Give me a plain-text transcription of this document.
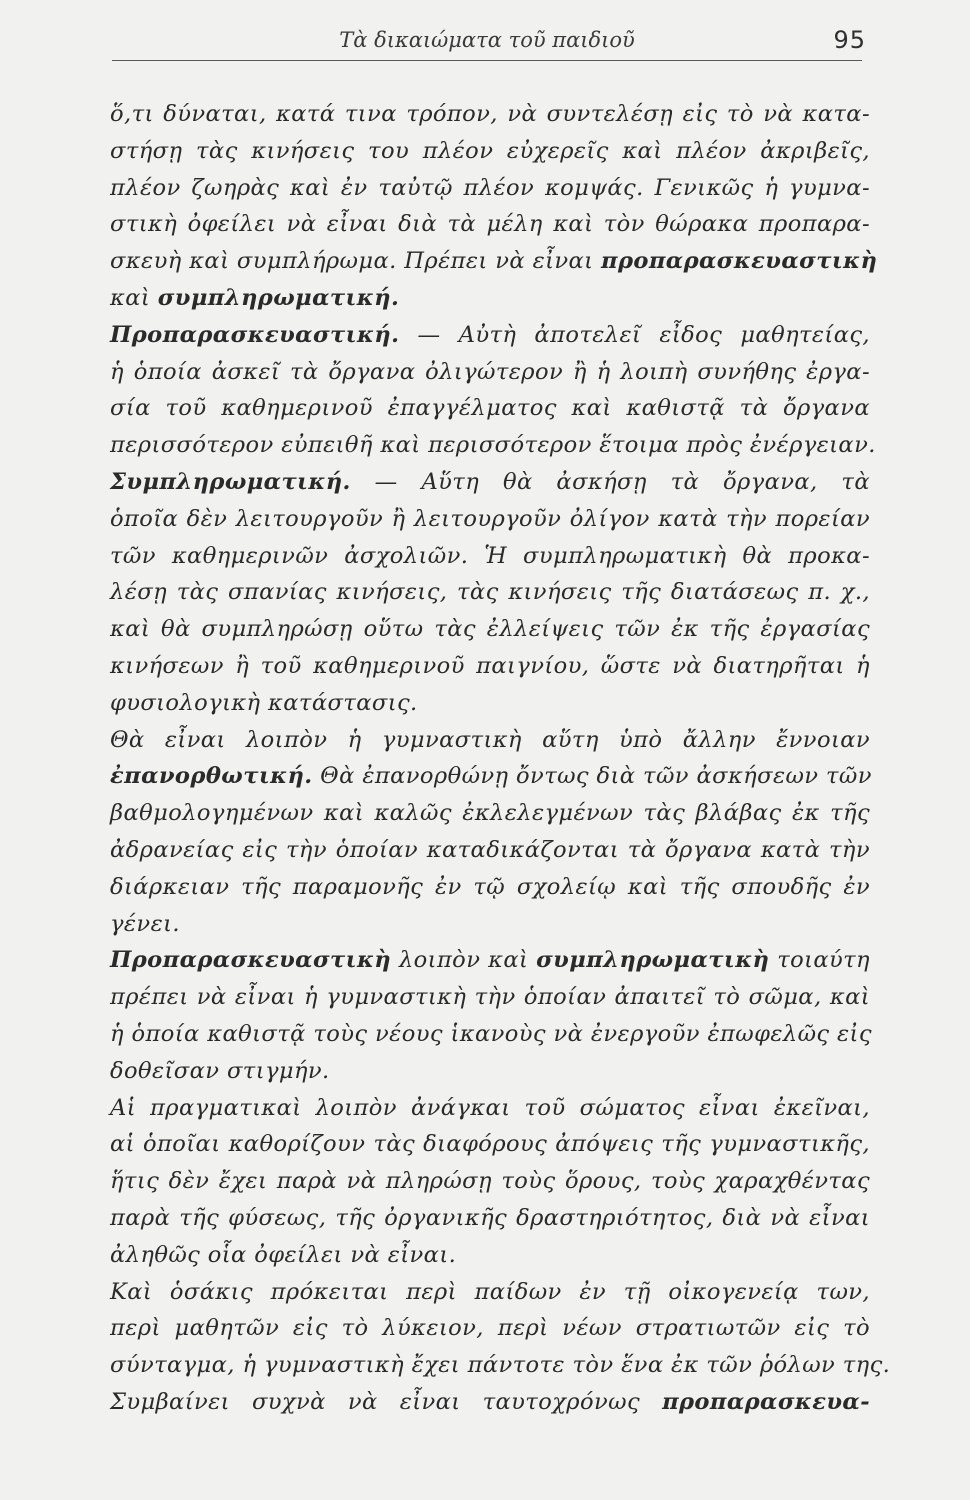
Τὰ δικαιώματα τοῦ παιδιοῦ	95
ὅ,τι δύναται, κατά τινα τρόπον, νὰ συντελέσῃ εἰς τὸ νὰ κατα-
στήσῃ τὰς κινήσεις του πλέον εὐχερεῖς καὶ πλέον ἀκριβεῖς,
πλέον ζωηρὰς καὶ ἐν ταὐτῷ πλέον κομψάς. Γενικῶς ἡ γυμνα-
στικὴ ὀφείλει νὰ εἶναι διὰ τὰ μέλη καὶ τὸν θώρακα προπαρα-
σκευὴ καὶ συμπλήρωμα. Πρέπει νὰ εἶναι προπαρασκευαστικὴ
καὶ συμπληρωματική.
Προπαρασκευαστική. — Αὐτὴ ἀποτελεῖ εἶδος μαθητείας,
ἡ ὁποία ἀσκεῖ τὰ ὄργανα ὀλιγώτερον ἢ ἡ λοιπὴ συνήθης ἐργα-
σία τοῦ καθημερινοῦ ἐπαγγέλματος καὶ καθιστᾷ τὰ ὄργανα
περισσότερον εὐπειθῆ καὶ περισσότερον ἕτοιμα πρὸς ἐνέργειαν.
Συμπληρωματική. — Αὕτη θὰ ἀσκήσῃ τὰ ὄργανα, τὰ
ὁποῖα δὲν λειτουργοῦν ἢ λειτουργοῦν ὀλίγον κατὰ τὴν πορείαν
τῶν καθημερινῶν ἀσχολιῶν. Ἡ συμπληρωματικὴ θὰ προκα-
λέσῃ τὰς σπανίας κινήσεις, τὰς κινήσεις τῆς διατάσεως π. χ.,
καὶ θὰ συμπληρώσῃ οὕτω τὰς ἐλλείψεις τῶν ἐκ τῆς ἐργασίας
κινήσεων ἢ τοῦ καθημερινοῦ παιγνίου, ὥστε νὰ διατηρῆται ἡ
φυσιολογικὴ κατάστασις.
Θὰ εἶναι λοιπὸν ἡ γυμναστικὴ αὕτη ὑπὸ ἄλλην ἔννοιαν
ἐπανορθωτική. Θὰ ἐπανορθώνῃ ὄντως διὰ τῶν ἀσκήσεων τῶν
βαθμολογημένων καὶ καλῶς ἐκλελεγμένων τὰς βλάβας ἐκ τῆς
ἀδρανείας εἰς τὴν ὁποίαν καταδικάζονται τὰ ὄργανα κατὰ τὴν
διάρκειαν τῆς παραμονῆς ἐν τῷ σχολείῳ καὶ τῆς σπουδῆς ἐν
γένει.
Προπαρασκευαστικὴ λοιπὸν καὶ συμπληρωματικὴ τοιαύτη
πρέπει νὰ εἶναι ἡ γυμναστικὴ τὴν ὁποίαν ἀπαιτεῖ τὸ σῶμα, καὶ
ἡ ὁποία καθιστᾷ τοὺς νέους ἱκανοὺς νὰ ἐνεργοῦν ἐπωφελῶς εἰς
δοθεῖσαν στιγμήν.
Αἱ πραγματικαὶ λοιπὸν ἀνάγκαι τοῦ σώματος εἶναι ἐκεῖναι,
αἱ ὁποῖαι καθορίζουν τὰς διαφόρους ἀπόψεις τῆς γυμναστικῆς,
ἥτις δὲν ἔχει παρὰ νὰ πληρώσῃ τοὺς ὅρους, τοὺς χαραχθέντας
παρὰ τῆς φύσεως, τῆς ὀργανικῆς δραστηριότητος, διὰ νὰ εἶναι
ἀληθῶς οἷα ὀφείλει νὰ εἶναι.
Καὶ ὁσάκις πρόκειται περὶ παίδων ἐν τῇ οἰκογενείᾳ των,
περὶ μαθητῶν εἰς τὸ λύκειον, περὶ νέων στρατιωτῶν εἰς τὸ
σύνταγμα, ἡ γυμναστικὴ ἔχει πάντοτε τὸν ἕνα ἐκ τῶν ῥόλων της.
Συμβαίνει συχνὰ νὰ εἶναι ταυτοχρόνως προπαρασκευα-
